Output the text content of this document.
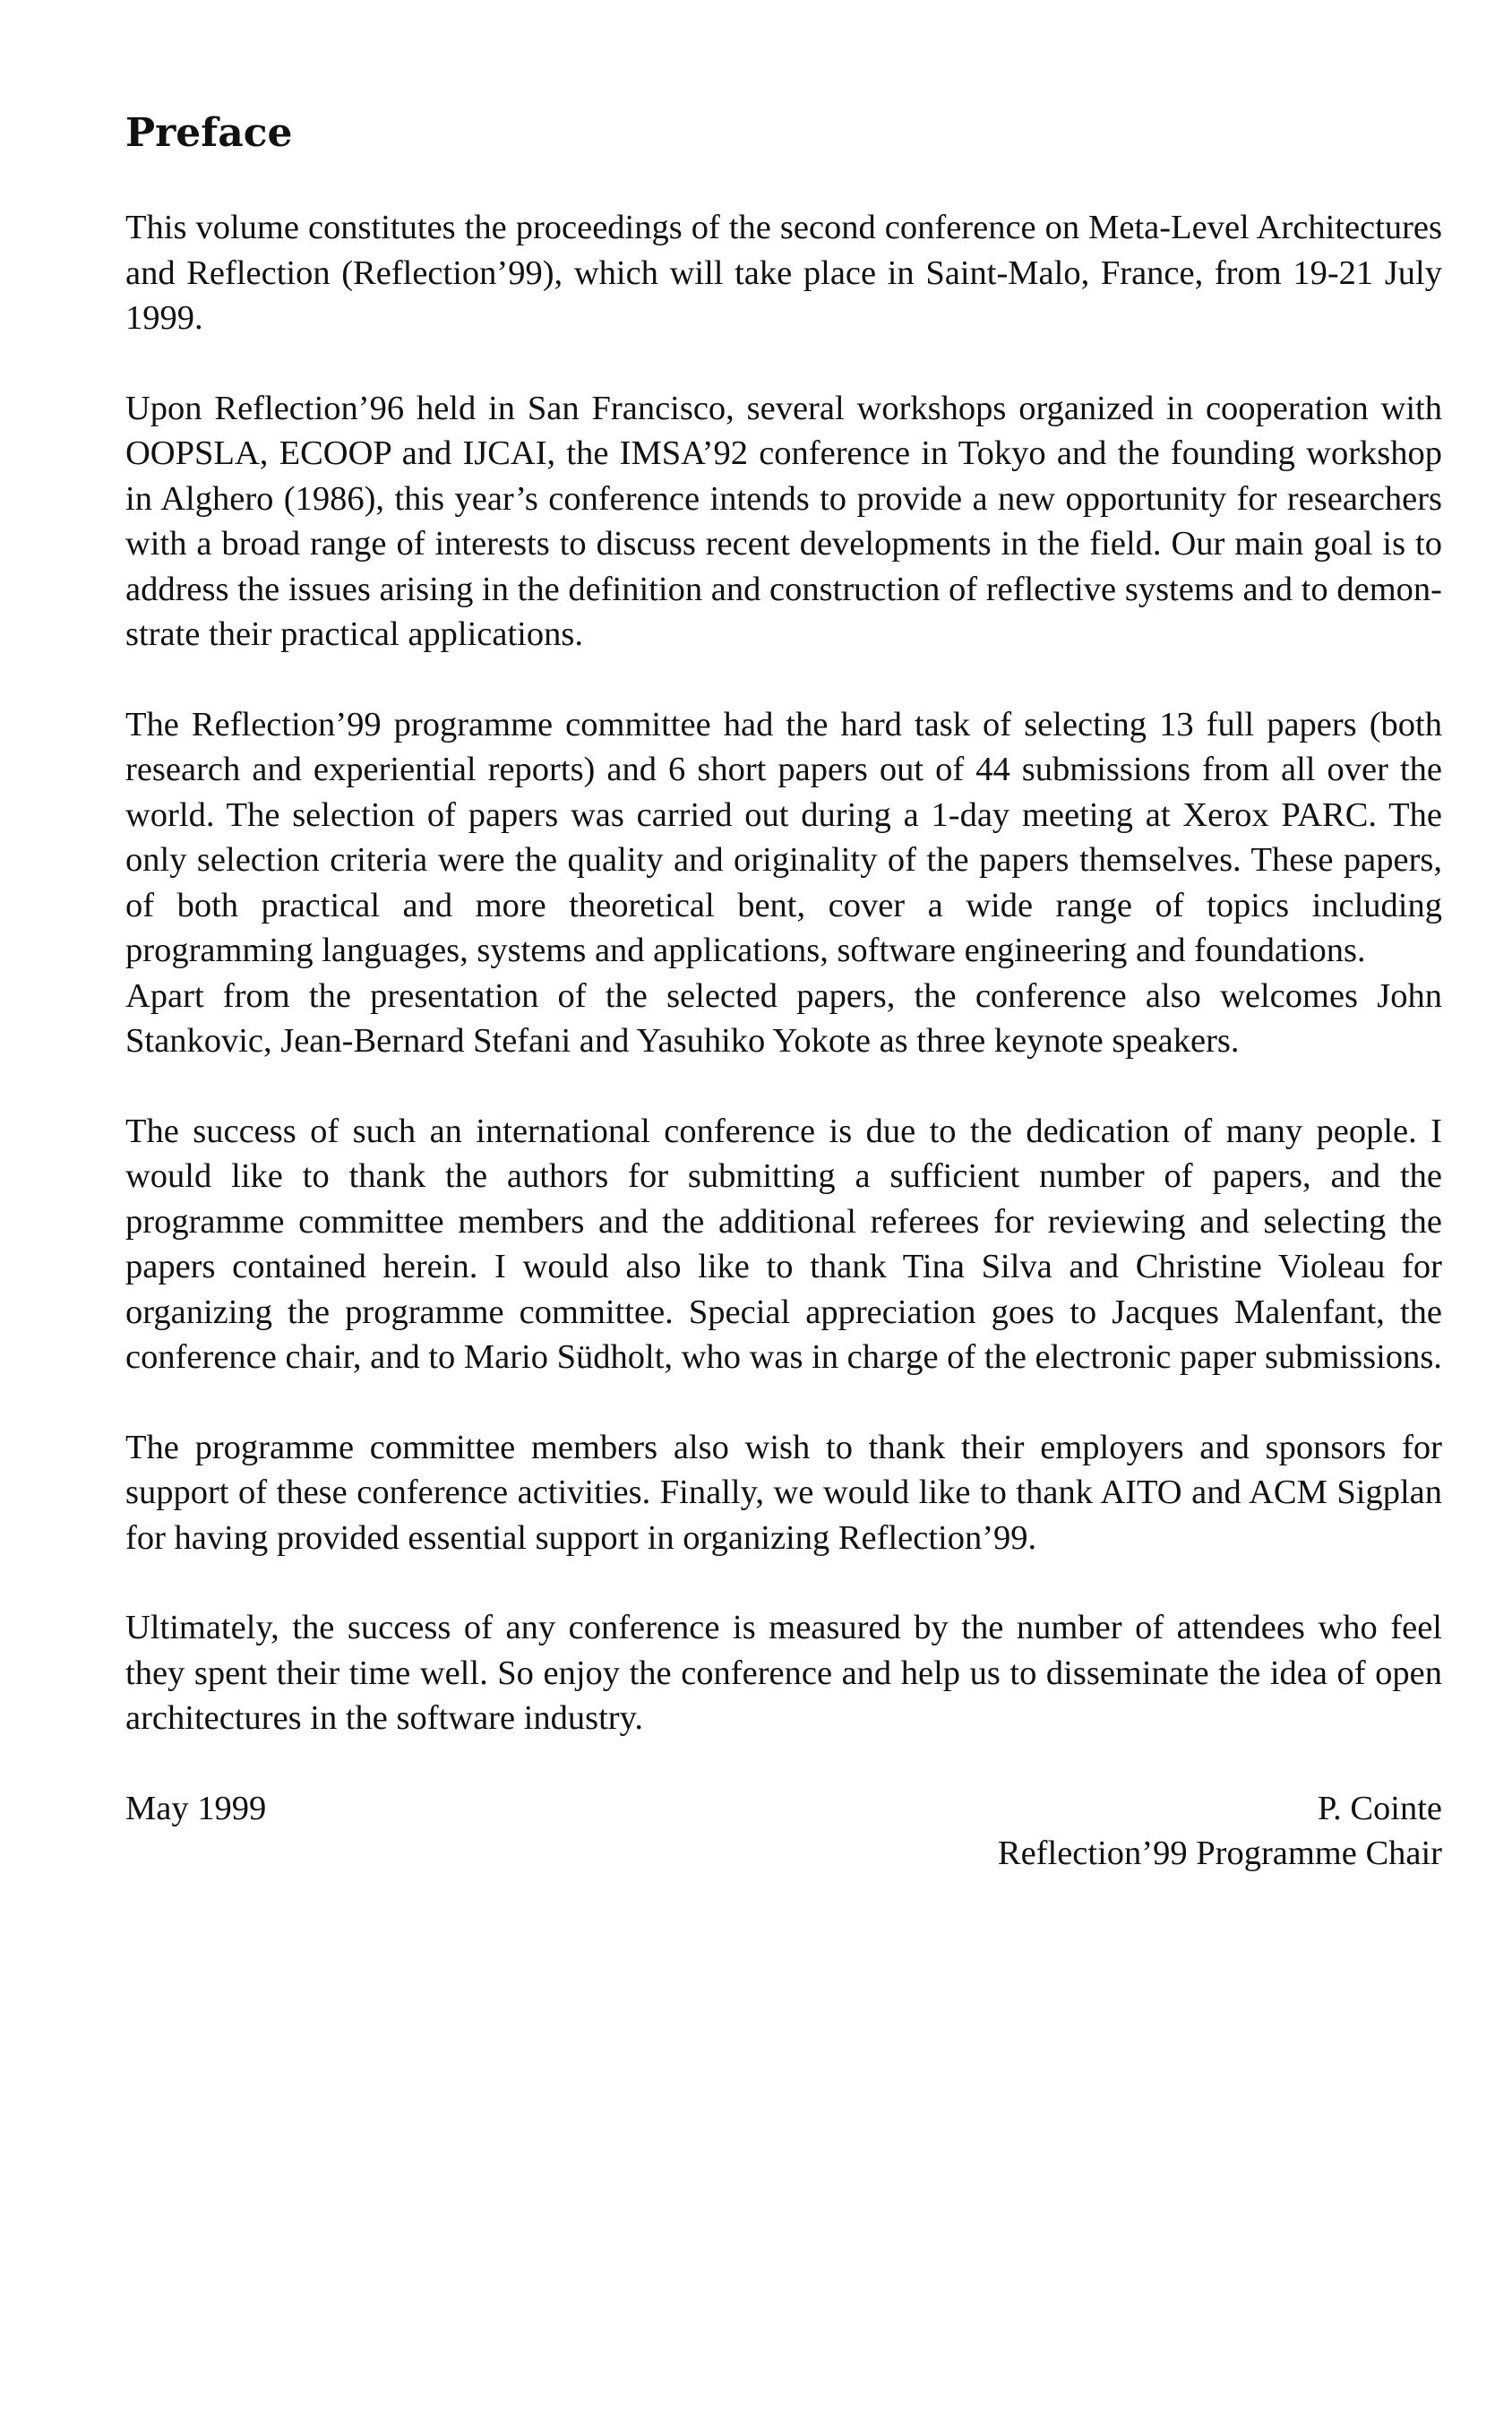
Preface

This volume constitutes the proceedings of the second conference on Meta-Level Architectures and Reflection (Reflection’99), which will take place in Saint-Malo, France, from 19-21 July 1999.

Upon Reflection’96 held in San Francisco, several workshops organized in cooperation with OOPSLA, ECOOP and IJCAI, the IMSA’92 conference in Tokyo and the founding workshop in Alghero (1986), this year’s conference intends to provide a new opportunity for researchers with a broad range of interests to discuss recent developments in the field. Our main goal is to address the issues arising in the definition and construction of reflective systems and to demonstrate their practical applications.

The Reflection’99 programme committee had the hard task of selecting 13 full papers (both research and experiential reports) and 6 short papers out of 44 submissions from all over the world. The selection of papers was carried out during a 1-day meeting at Xerox PARC. The only selection criteria were the quality and originality of the papers themselves. These papers, of both practical and more theoretical bent, cover a wide range of topics including programming languages, systems and applications, software engineering and foundations.

Apart from the presentation of the selected papers, the conference also welcomes John Stankovic, Jean-Bernard Stefani and Yasuhiko Yokote as three keynote speakers.

The success of such an international conference is due to the dedication of many people. I would like to thank the authors for submitting a sufficient number of papers, and the programme committee members and the additional referees for reviewing and selecting the papers contained herein. I would also like to thank Tina Silva and Christine Violeau for organizing the programme committee. Special appreciation goes to Jacques Malenfant, the conference chair, and to Mario Südholt, who was in charge of the electronic paper submissions.

The programme committee members also wish to thank their employers and sponsors for support of these conference activities. Finally, we would like to thank AITO and ACM Sigplan for having provided essential support in organizing Reflection’99.

Ultimately, the success of any conference is measured by the number of attendees who feel they spent their time well. So enjoy the conference and help us to disseminate the idea of open architectures in the software industry.

May 1999	P. Cointe
Reflection’99 Programme Chair
